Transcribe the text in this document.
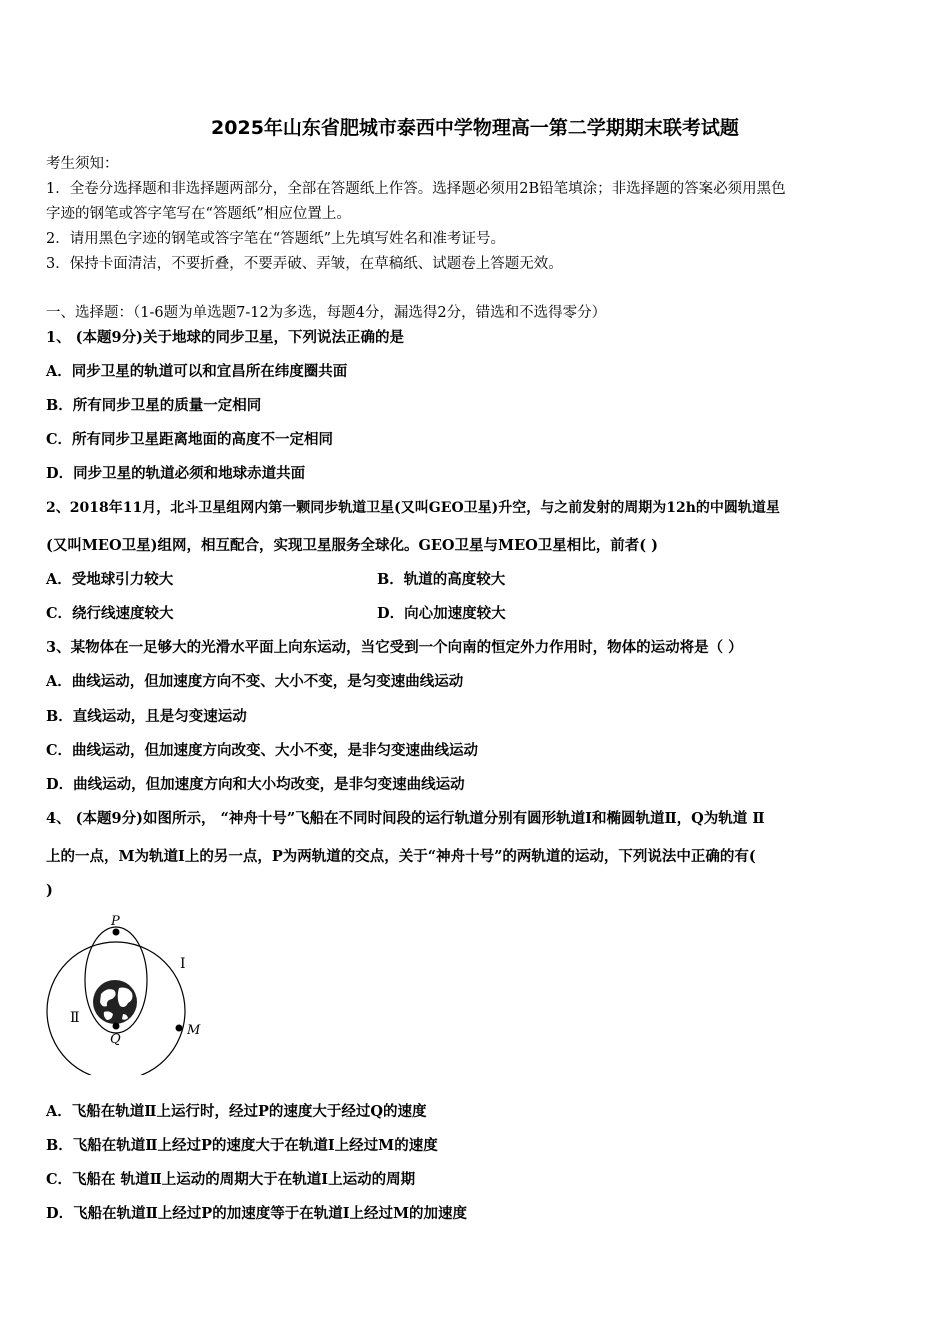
2025年山东省肥城市泰西中学物理高一第二学期期末联考试题
考生须知：
1．全卷分选择题和非选择题两部分，全部在答题纸上作答。选择题必须用2B铅笔填涂；非选择题的答案必须用黑色
字迹的钢笔或答字笔写在“答题纸”相应位置上。
2．请用黑色字迹的钢笔或答字笔在“答题纸”上先填写姓名和准考证号。
3．保持卡面清洁，不要折叠，不要弄破、弄皱，在草稿纸、试题卷上答题无效。
一、选择题：（1-6题为单选题7-12为多选，每题4分，漏选得2分，错选和不选得零分）
1、 (本题9分)关于地球的同步卫星，下列说法正确的是
A．同步卫星的轨道可以和宜昌所在纬度圈共面
B．所有同步卫星的质量一定相同
C．所有同步卫星距离地面的高度不一定相同
D．同步卫星的轨道必须和地球赤道共面
2、2018年11月，北斗卫星组网内第一颗同步轨道卫星(又叫GEO卫星)升空，与之前发射的周期为12h的中圆轨道星
(又叫MEO卫星)组网，相互配合，实现卫星服务全球化。GEO卫星与MEO卫星相比，前者( )
A．受地球引力较大	B．轨道的高度较大
C．绕行线速度较大	D．向心加速度较大
3、某物体在一足够大的光滑水平面上向东运动，当它受到一个向南的恒定外力作用时，物体的运动将是（ ）
A．曲线运动，但加速度方向不变、大小不变，是匀变速曲线运动
B．直线运动，且是匀变速运动
C．曲线运动，但加速度方向改变、大小不变，是非匀变速曲线运动
D．曲线运动，但加速度方向和大小均改变，是非匀变速曲线运动
4、 (本题9分)如图所示， “神舟十号”飞船在不同时间段的运行轨道分别有圆形轨道Ⅰ和椭圆轨道Ⅱ，Q为轨道 Ⅱ
上的一点，M为轨道Ⅰ上的另一点，P为两轨道的交点，关于“神舟十号”的两轨道的运动，下列说法中正确的有(
)
P
Q
M
Ⅰ
Ⅱ
A．飞船在轨道Ⅱ上运行时，经过P的速度大于经过Q的速度
B．飞船在轨道Ⅱ上经过P的速度大于在轨道Ⅰ上经过M的速度
C．飞船在 轨道Ⅱ上运动的周期大于在轨道Ⅰ上运动的周期
D．飞船在轨道Ⅱ上经过P的加速度等于在轨道Ⅰ上经过M的加速度
